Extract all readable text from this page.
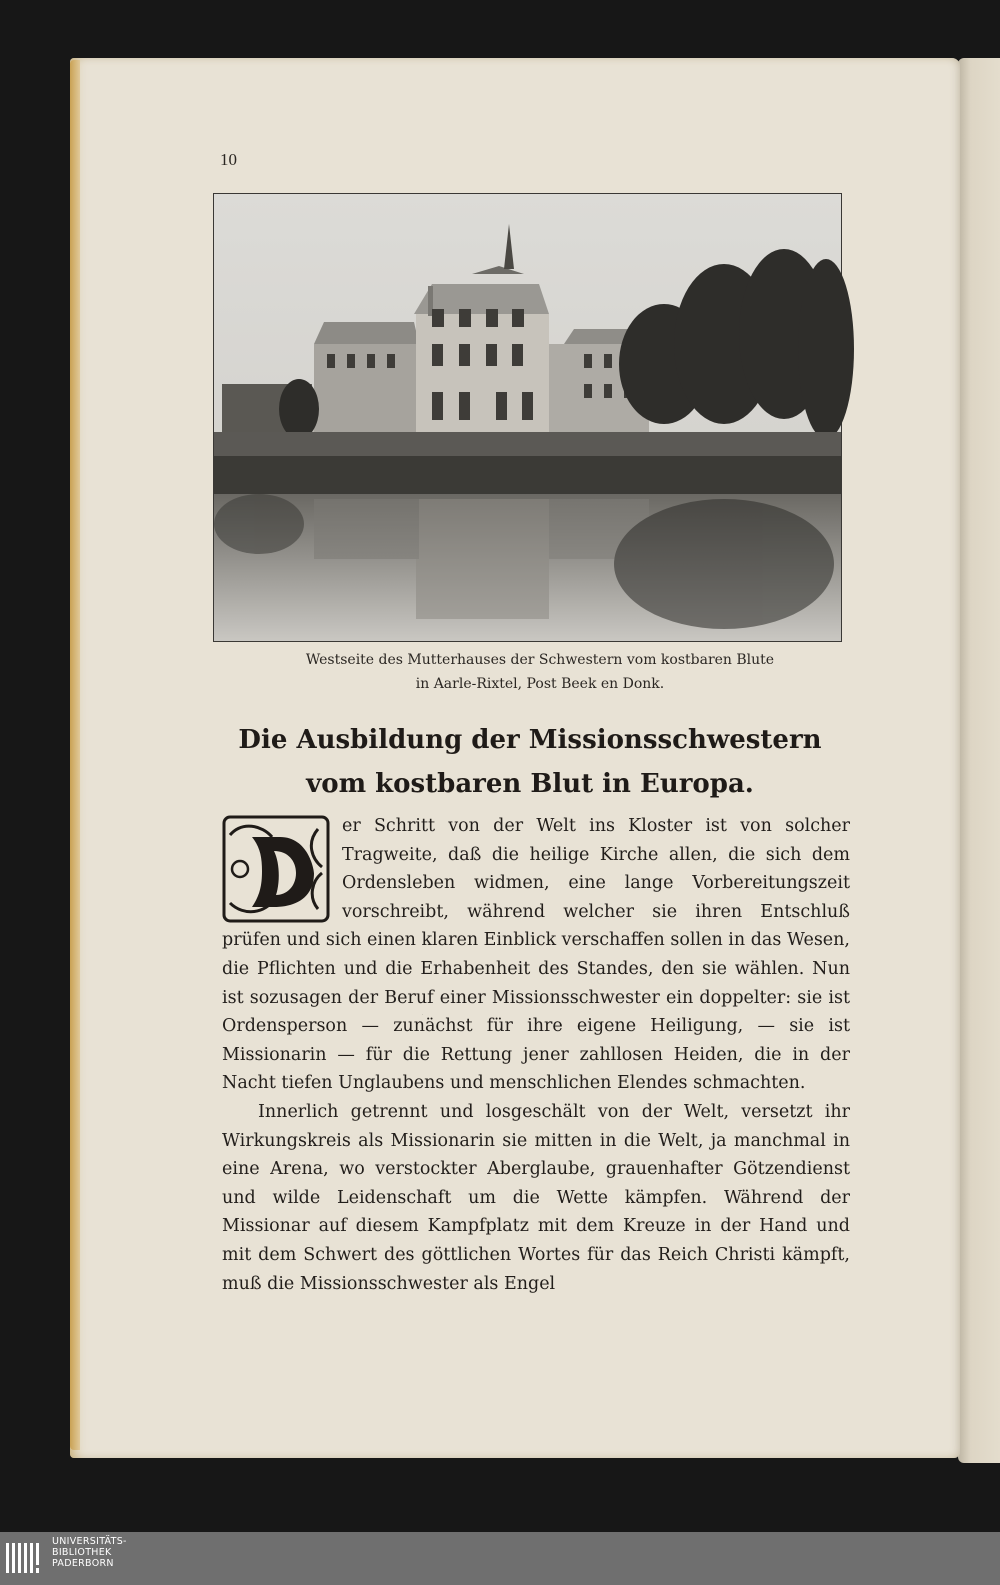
10
Westseite des Mutterhauses der Schwestern vom kostbaren Blute
in Aarle-Rixtel, Post Beek en Donk.
Die Ausbildung der Missionsschwestern
vom kostbaren Blut in Europa.

D
er Schritt von der Welt ins Kloster ist von solcher Tragweite, daß die heilige Kirche allen, die sich dem Ordensleben widmen, eine lange Vorbereitungszeit vorschreibt, während welcher sie ihren Entschluß prüfen und sich einen klaren Einblick verschaffen sollen in das Wesen, die Pflichten und die Erhabenheit des Standes, den sie wählen. Nun ist sozusagen der Beruf einer Missionsschwester ein doppelter: sie ist Ordensperson — zunächst für ihre eigene Heiligung, — sie ist Missionarin — für die Rettung jener zahllosen Heiden, die in der Nacht tiefen Unglaubens und menschlichen Elendes schmachten.

Innerlich getrennt und losgeschält von der Welt, versetzt ihr Wirkungskreis als Missionarin sie mitten in die Welt, ja manchmal in eine Arena, wo verstockter Aberglaube, grauenhafter Götzendienst und wilde Leidenschaft um die Wette kämpfen. Während der Missionar auf diesem Kampfplatz mit dem Kreuze in der Hand und mit dem Schwert des göttlichen Wortes für das Reich Christi kämpft, muß die Missionsschwester als Engel

UNIVERSITÄTS-
BIBLIOTHEK
PADERBORN
